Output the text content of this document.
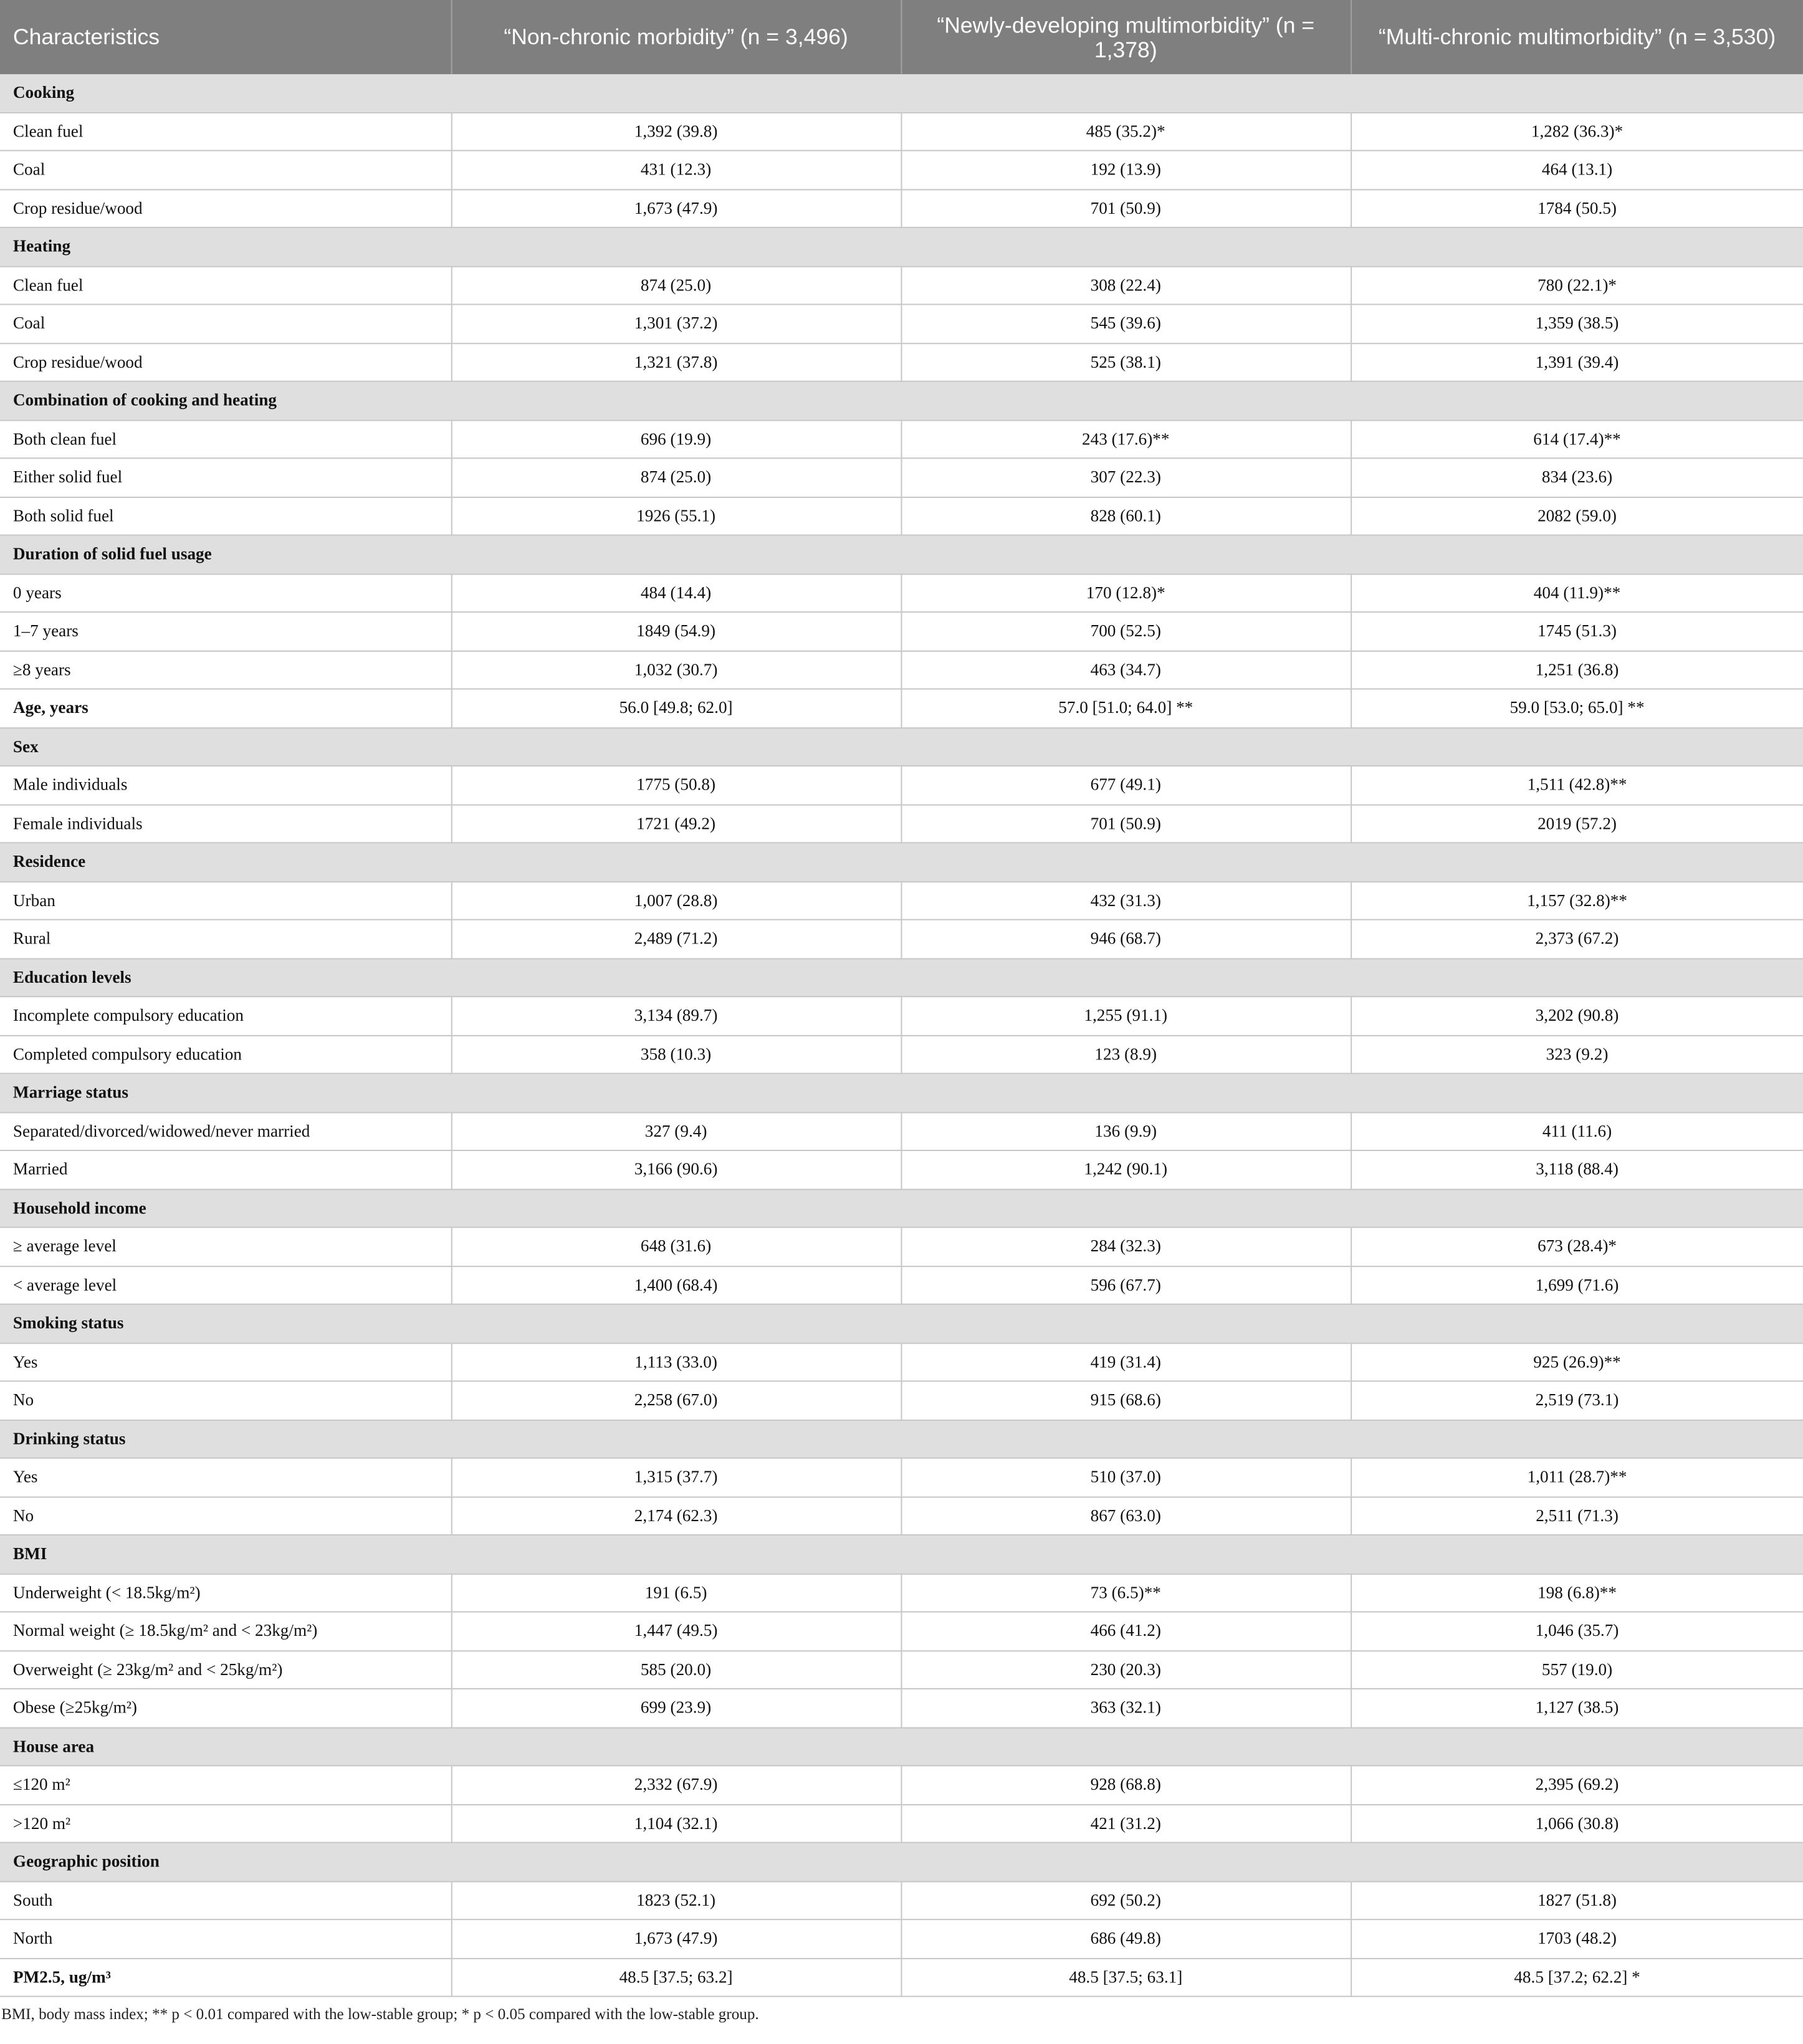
Characteristics	“Non-chronic morbidity” (n = 3,496)	“Newly-developing multimorbidity” (n = 1,378)	“Multi-chronic multimorbidity” (n = 3,530)
Cooking			
Clean fuel	1,392 (39.8)	485 (35.2)*	1,282 (36.3)*
Coal	431 (12.3)	192 (13.9)	464 (13.1)
Crop residue/wood	1,673 (47.9)	701 (50.9)	1784 (50.5)
Heating			
Clean fuel	874 (25.0)	308 (22.4)	780 (22.1)*
Coal	1,301 (37.2)	545 (39.6)	1,359 (38.5)
Crop residue/wood	1,321 (37.8)	525 (38.1)	1,391 (39.4)
Combination of cooking and heating			
Both clean fuel	696 (19.9)	243 (17.6)**	614 (17.4)**
Either solid fuel	874 (25.0)	307 (22.3)	834 (23.6)
Both solid fuel	1926 (55.1)	828 (60.1)	2082 (59.0)
Duration of solid fuel usage			
0 years	484 (14.4)	170 (12.8)*	404 (11.9)**
1–7 years	1849 (54.9)	700 (52.5)	1745 (51.3)
≥8 years	1,032 (30.7)	463 (34.7)	1,251 (36.8)
Age, years	56.0 [49.8; 62.0]	57.0 [51.0; 64.0] **	59.0 [53.0; 65.0] **
Sex			
Male individuals	1775 (50.8)	677 (49.1)	1,511 (42.8)**
Female individuals	1721 (49.2)	701 (50.9)	2019 (57.2)
Residence			
Urban	1,007 (28.8)	432 (31.3)	1,157 (32.8)**
Rural	2,489 (71.2)	946 (68.7)	2,373 (67.2)
Education levels			
Incomplete compulsory education	3,134 (89.7)	1,255 (91.1)	3,202 (90.8)
Completed compulsory education	358 (10.3)	123 (8.9)	323 (9.2)
Marriage status			
Separated/divorced/widowed/never married	327 (9.4)	136 (9.9)	411 (11.6)
Married	3,166 (90.6)	1,242 (90.1)	3,118 (88.4)
Household income			
≥ average level	648 (31.6)	284 (32.3)	673 (28.4)*
< average level	1,400 (68.4)	596 (67.7)	1,699 (71.6)
Smoking status			
Yes	1,113 (33.0)	419 (31.4)	925 (26.9)**
No	2,258 (67.0)	915 (68.6)	2,519 (73.1)
Drinking status			
Yes	1,315 (37.7)	510 (37.0)	1,011 (28.7)**
No	2,174 (62.3)	867 (63.0)	2,511 (71.3)
BMI			
Underweight (< 18.5kg/m²)	191 (6.5)	73 (6.5)**	198 (6.8)**
Normal weight (≥ 18.5kg/m² and < 23kg/m²)	1,447 (49.5)	466 (41.2)	1,046 (35.7)
Overweight (≥ 23kg/m² and < 25kg/m²)	585 (20.0)	230 (20.3)	557 (19.0)
Obese (≥25kg/m²)	699 (23.9)	363 (32.1)	1,127 (38.5)
House area			
≤120 m²	2,332 (67.9)	928 (68.8)	2,395 (69.2)
>120 m²	1,104 (32.1)	421 (31.2)	1,066 (30.8)
Geographic position			
South	1823 (52.1)	692 (50.2)	1827 (51.8)
North	1,673 (47.9)	686 (49.8)	1703 (48.2)
PM2.5, ug/m³	48.5 [37.5; 63.2]	48.5 [37.5; 63.1]	48.5 [37.2; 62.2] *
BMI, body mass index; ** p < 0.01 compared with the low-stable group; * p < 0.05 compared with the low-stable group.
